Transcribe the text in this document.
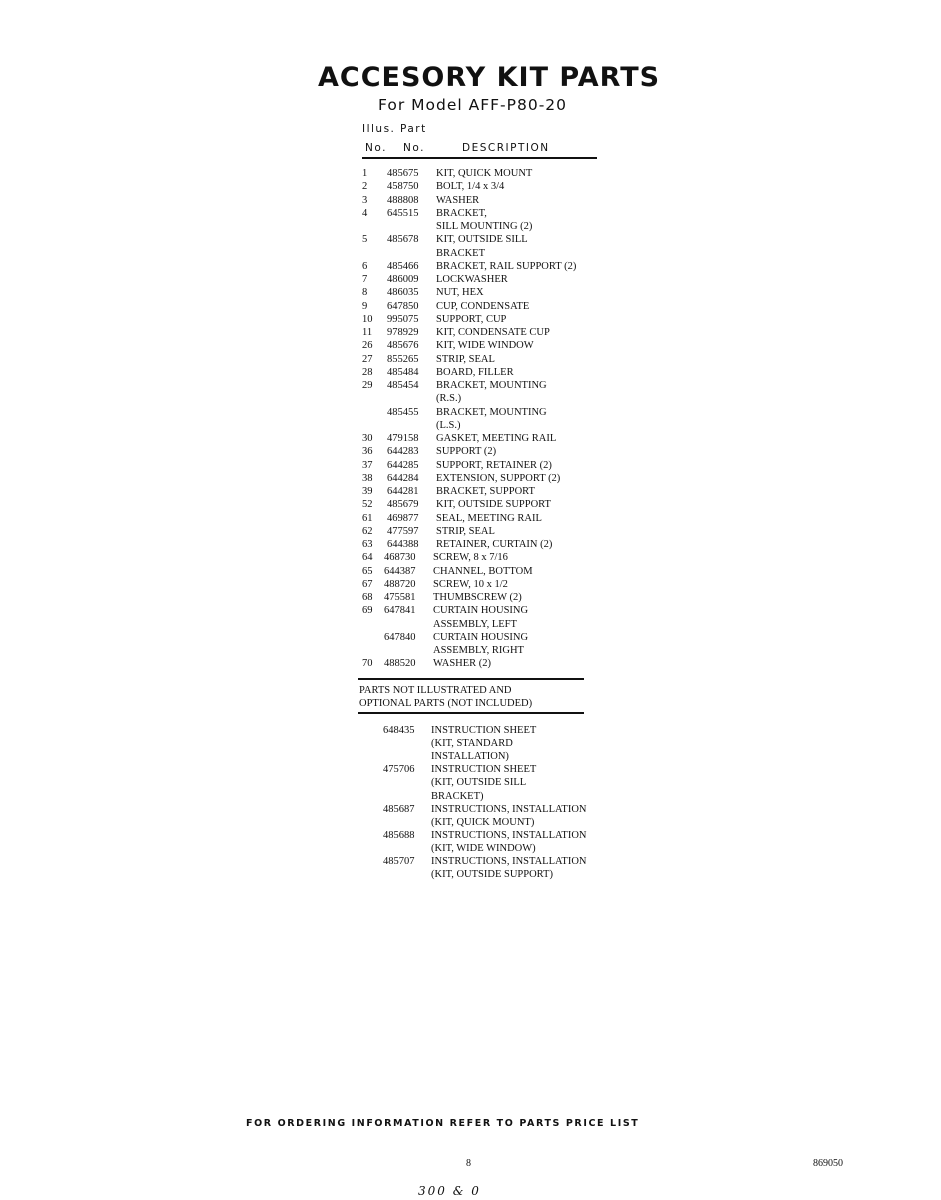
ACCESORY KIT PARTS
For Model AFF-P80-20
Illus. Part
No. No.	DESCRIPTION
1 485675 KIT, QUICK MOUNT
2 458750 BOLT, 1/4 x 3/4
3 488808 WASHER
4 645515 BRACKET,
SILL MOUNTING (2)
5 485678 KIT, OUTSIDE SILL
BRACKET
6 485466 BRACKET, RAIL SUPPORT (2)
7 486009 LOCKWASHER
8 486035 NUT, HEX
9 647850 CUP, CONDENSATE
10 995075 SUPPORT, CUP
11 978929 KIT, CONDENSATE CUP
26 485676 KIT, WIDE WINDOW
27 855265 STRIP, SEAL
28 485484 BOARD, FILLER
29 485454 BRACKET, MOUNTING
(R.S.)
485455 BRACKET, MOUNTING
(L.S.)
30 479158 GASKET, MEETING RAIL
36 644283 SUPPORT (2)
37 644285 SUPPORT, RETAINER (2)
38 644284 EXTENSION, SUPPORT (2)
39 644281 BRACKET, SUPPORT
52 485679 KIT, OUTSIDE SUPPORT
61 469877 SEAL, MEETING RAIL
62 477597 STRIP, SEAL
63 644388 RETAINER, CURTAIN (2)
64 468730 SCREW, 8 x 7/16
65 644387 CHANNEL, BOTTOM
67 488720 SCREW, 10 x 1/2
68 475581 THUMBSCREW (2)
69 647841 CURTAIN HOUSING
ASSEMBLY, LEFT
647840 CURTAIN HOUSING
ASSEMBLY, RIGHT
70 488520 WASHER (2)
PARTS NOT ILLUSTRATED AND
OPTIONAL PARTS (NOT INCLUDED)
648435 INSTRUCTION SHEET
(KIT, STANDARD
INSTALLATION)
475706 INSTRUCTION SHEET
(KIT, OUTSIDE SILL
BRACKET)
485687 INSTRUCTIONS, INSTALLATION
(KIT, QUICK MOUNT)
485688 INSTRUCTIONS, INSTALLATION
(KIT, WIDE WINDOW)
485707 INSTRUCTIONS, INSTALLATION
(KIT, OUTSIDE SUPPORT)
FOR ORDERING INFORMATION REFER TO PARTS PRICE LIST
8	869050
300 & 0
